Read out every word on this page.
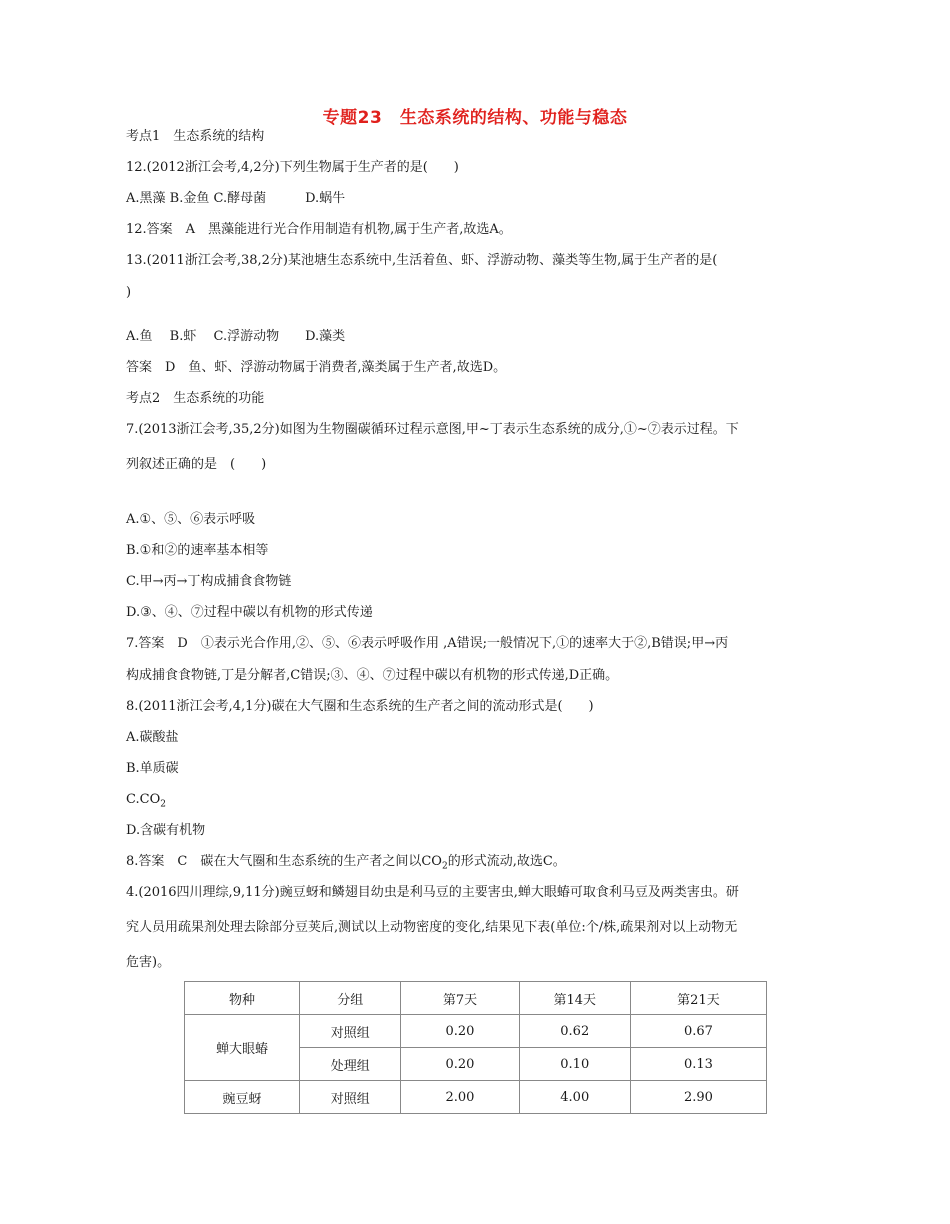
专题23　生态系统的结构、功能与稳态
考点1　生态系统的结构
12.(2012浙江会考,4,2分)下列生物属于生产者的是(　　)
A.黑藻 B.金鱼 C.酵母菌　　　D.蜗牛
12.答案　A　黑藻能进行光合作用制造有机物,属于生产者,故选A。
13.(2011浙江会考,38,2分)某池塘生态系统中,生活着鱼、虾、浮游动物、藻类等生物,属于生产者的是(
)
A.鱼　 B.虾　 C.浮游动物　　D.藻类
答案　D　鱼、虾、浮游动物属于消费者,藻类属于生产者,故选D。
考点2　生态系统的功能
7.(2013浙江会考,35,2分)如图为生物圈碳循环过程示意图,甲~丁表示生态系统的成分,①~⑦表示过程。下
列叙述正确的是　(　　)
A.①、⑤、⑥表示呼吸
B.①和②的速率基本相等
C.甲→丙→丁构成捕食食物链
D.③、④、⑦过程中碳以有机物的形式传递
7.答案　D　①表示光合作用,②、⑤、⑥表示呼吸作用 ,A错误;一般情况下,①的速率大于②,B错误;甲→丙
构成捕食食物链,丁是分解者,C错误;③、④、⑦过程中碳以有机物的形式传递,D正确。
8.(2011浙江会考,4,1分)碳在大气圈和生态系统的生产者之间的流动形式是(　　)
A.碳酸盐
B.单质碳
$C.CO_2$
D.含碳有机物
8.答案　C　碳在大气圈和生态系统的生产者之间以$CO_2$的形式流动,故选C。
4.(2016四川理综,9,11分)豌豆蚜和鳞翅目幼虫是利马豆的主要害虫,蝉大眼蝽可取食利马豆及两类害虫。研
究人员用疏果剂处理去除部分豆荚后,测试以上动物密度的变化,结果见下表(单位:个/株,疏果剂对以上动物无
危害)。
物种	分组	第7天	第14天	第21天
蝉大眼蝽	对照组	0.20	0.62	0.67
	处理组	0.20	0.10	0.13
豌豆蚜	对照组	2.00	4.00	2.90
